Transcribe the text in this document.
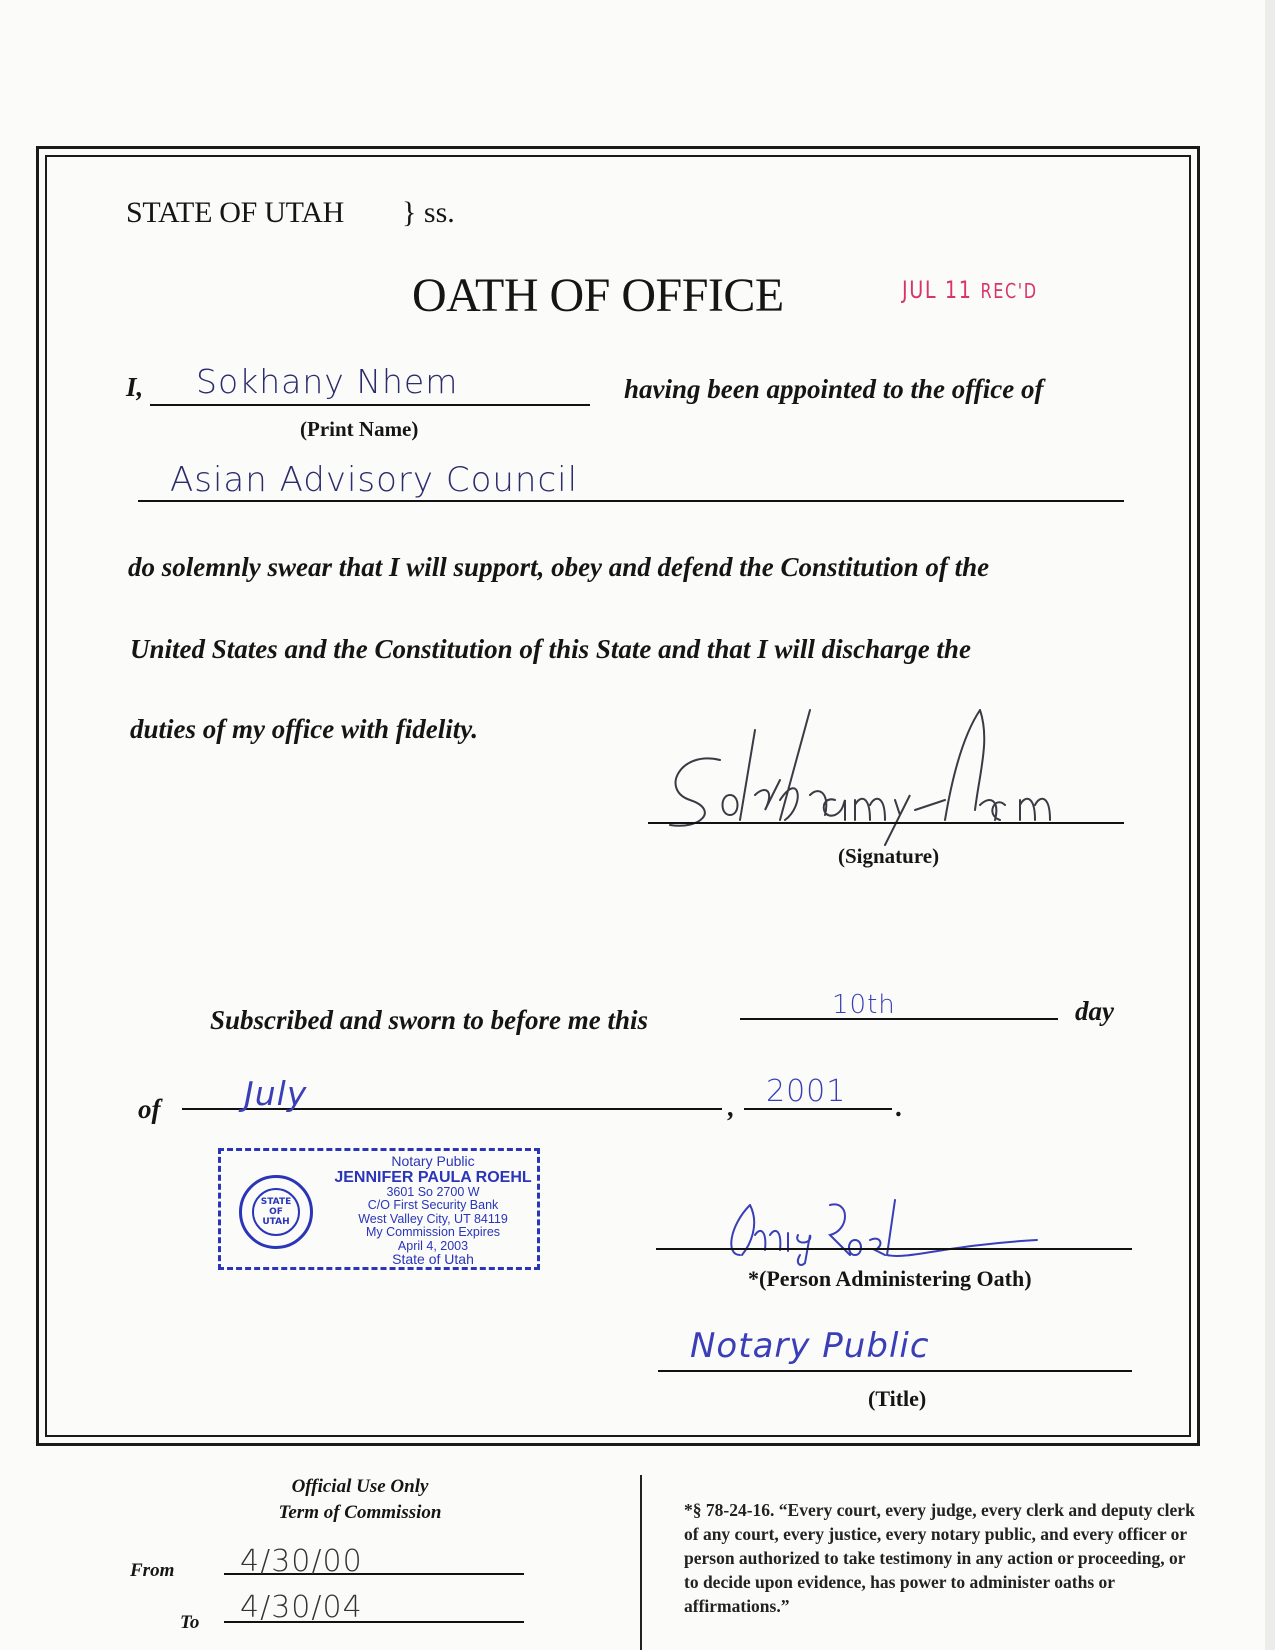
STATE OF UTAH } ss.
OATH OF OFFICE	JUL 11 REC'D
I, Sokhany Nhem
(Print Name)
having been appointed to the office of
Asian Advisory Council
do solemnly swear that I will support, obey and defend the Constitution of the
United States and the Constitution of this State and that I will discharge the
duties of my office with fidelity.
(Signature)
Subscribed and sworn to before me this	10th	day
of	July	, 2001 .
STATE OF UTAH
Notary Public
JENNIFER PAULA ROEHL
3601 So 2700 W
C/O First Security Bank
West Valley City, UT 84119
My Commission Expires
April 4, 2003
State of Utah
*(Person Administering Oath)
Notary Public
(Title)
Official Use Only
Term of Commission
From	4/30/00
To	4/30/04
*§ 78-24-16. “Every court, every judge, every clerk and deputy clerk of any court, every justice, every notary public, and every officer or person authorized to take testimony in any action or proceeding, or to decide upon evidence, has power to administer oaths or affirmations.”
